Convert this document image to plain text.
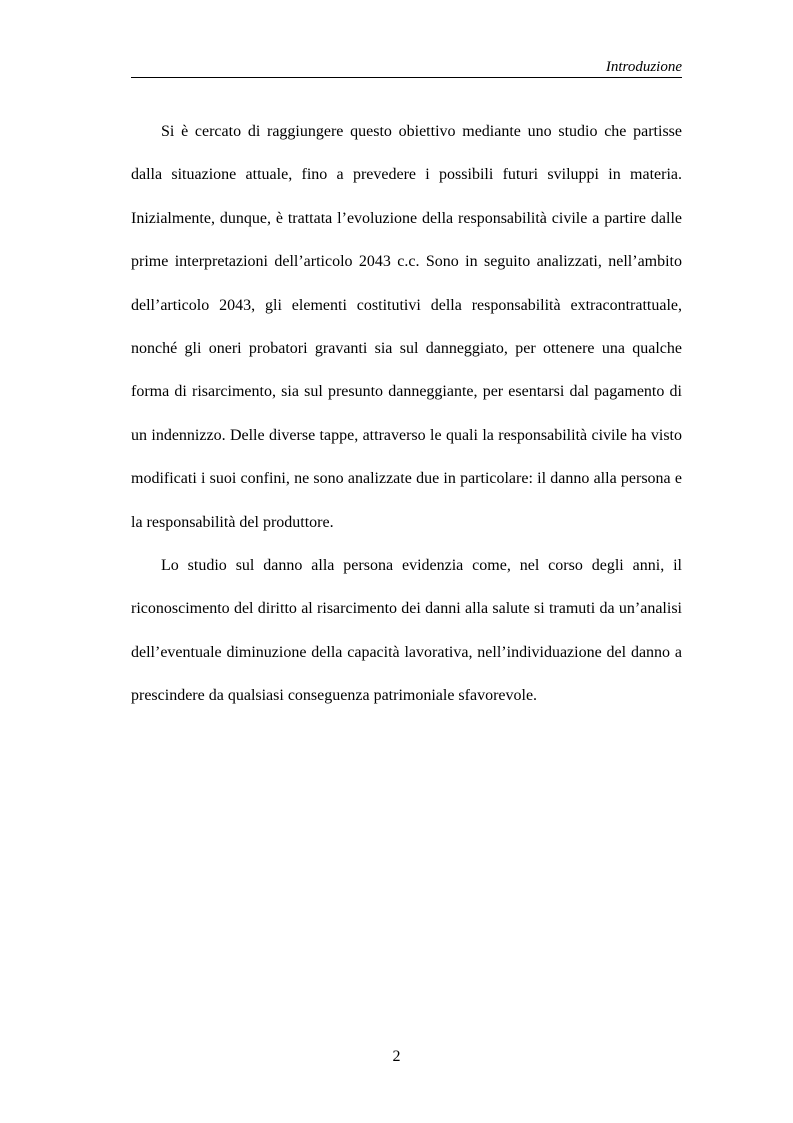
Introduzione

Si è cercato di raggiungere questo obiettivo mediante uno studio che partisse dalla situazione attuale, fino a prevedere i possibili futuri sviluppi in materia. Inizialmente, dunque, è trattata l’evoluzione della responsabilità civile a partire dalle prime interpretazioni dell’articolo 2043 c.c. Sono in seguito analizzati, nell’ambito dell’articolo 2043, gli elementi costitutivi della responsabilità extracontrattuale, nonché gli oneri probatori gravanti sia sul danneggiato, per ottenere una qualche forma di risarcimento, sia sul presunto danneggiante, per esentarsi dal pagamento di un indennizzo. Delle diverse tappe, attraverso le quali la responsabilità civile ha visto modificati i suoi confini, ne sono analizzate due in particolare: il danno alla persona e la responsabilità del produttore.

Lo studio sul danno alla persona evidenzia come, nel corso degli anni, il riconoscimento del diritto al risarcimento dei danni alla salute si tramuti da un’analisi dell’eventuale diminuzione della capacità lavorativa, nell’individuazione del danno a prescindere da qualsiasi conseguenza patrimoniale sfavorevole.

2
